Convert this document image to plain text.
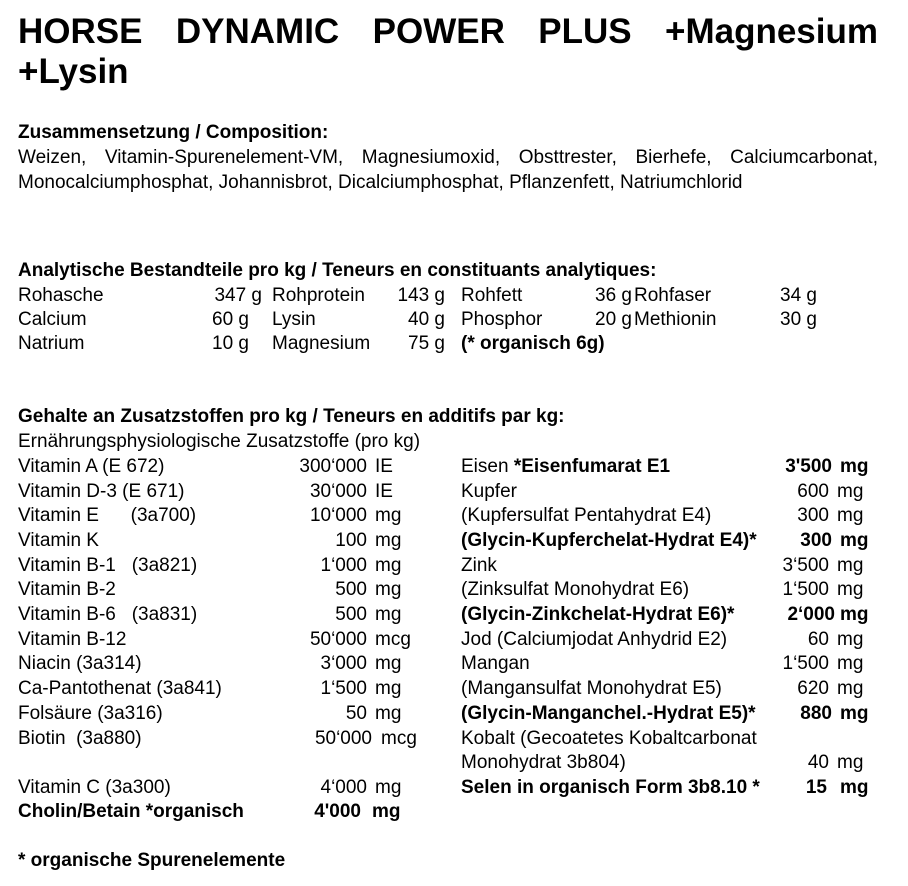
HORSE DYNAMIC POWER PLUS +Magnesium +Lysin
Zusammensetzung / Composition:

Weizen, Vitamin-Spurenelement-VM, Magnesiumoxid, Obsttrester, Bierhefe, Calciumcarbonat, Monocalciumphosphat, Johannisbrot, Dicalciumphosphat, Pflanzenfett, Natriumchlorid

Analytische Bestandteile pro kg / Teneurs en constituants analytiques:
Rohasche	347 g Rohprotein	143 g Rohfett	36 g Rohfaser	34 g
Calcium	60 g Lysin	40 g Phosphor	20 g Methionin	30 g
Natrium	10 g Magnesium	75 g (* organisch 6g)
Gehalte an Zusatzstoffen pro kg / Teneurs en additifs par kg:
Ernährungsphysiologische Zusatzstoffe (pro kg)
Vitamin A (E 672)	300‘000 IE
Vitamin D-3 (E 671)	30‘000 IE
Vitamin E      (3a700)	10‘000 mg
Vitamin K	100 mg
Vitamin B-1   (3a821)	1‘000 mg
Vitamin B-2	500 mg
Vitamin B-6   (3a831)	500 mg
Vitamin B-12	50‘000 mcg
Niacin (3a314)	3‘000 mg
Ca-Pantothenat (3a841)	1‘500 mg
Folsäure (3a316)	50 mg
Biotin  (3a880)	50‘000 mcg
Vitamin C (3a300)	4‘000 mg
Cholin/Betain *organisch	4'000 mg
Eisen *Eisenfumarat E1	3'500 mg
Kupfer	600 mg
(Kupfersulfat Pentahydrat E4)	300 mg
(Glycin-Kupferchelat-Hydrat E4)*	300 mg
Zink	3‘500 mg
(Zinksulfat Monohydrat E6)	1‘500 mg
(Glycin-Zinkchelat-Hydrat E6)*	2‘000 mg
Jod (Calciumjodat Anhydrid E2)	60 mg
Mangan	1‘500 mg
(Mangansulfat Monohydrat E5)	620 mg
(Glycin-Manganchel.-Hydrat E5)*	880 mg
Kobalt (Gecoatetes Kobaltcarbonat
Monohydrat 3b804)	40 mg
Selen in organisch Form 3b8.10 *	15 mg
* organische Spurenelemente
